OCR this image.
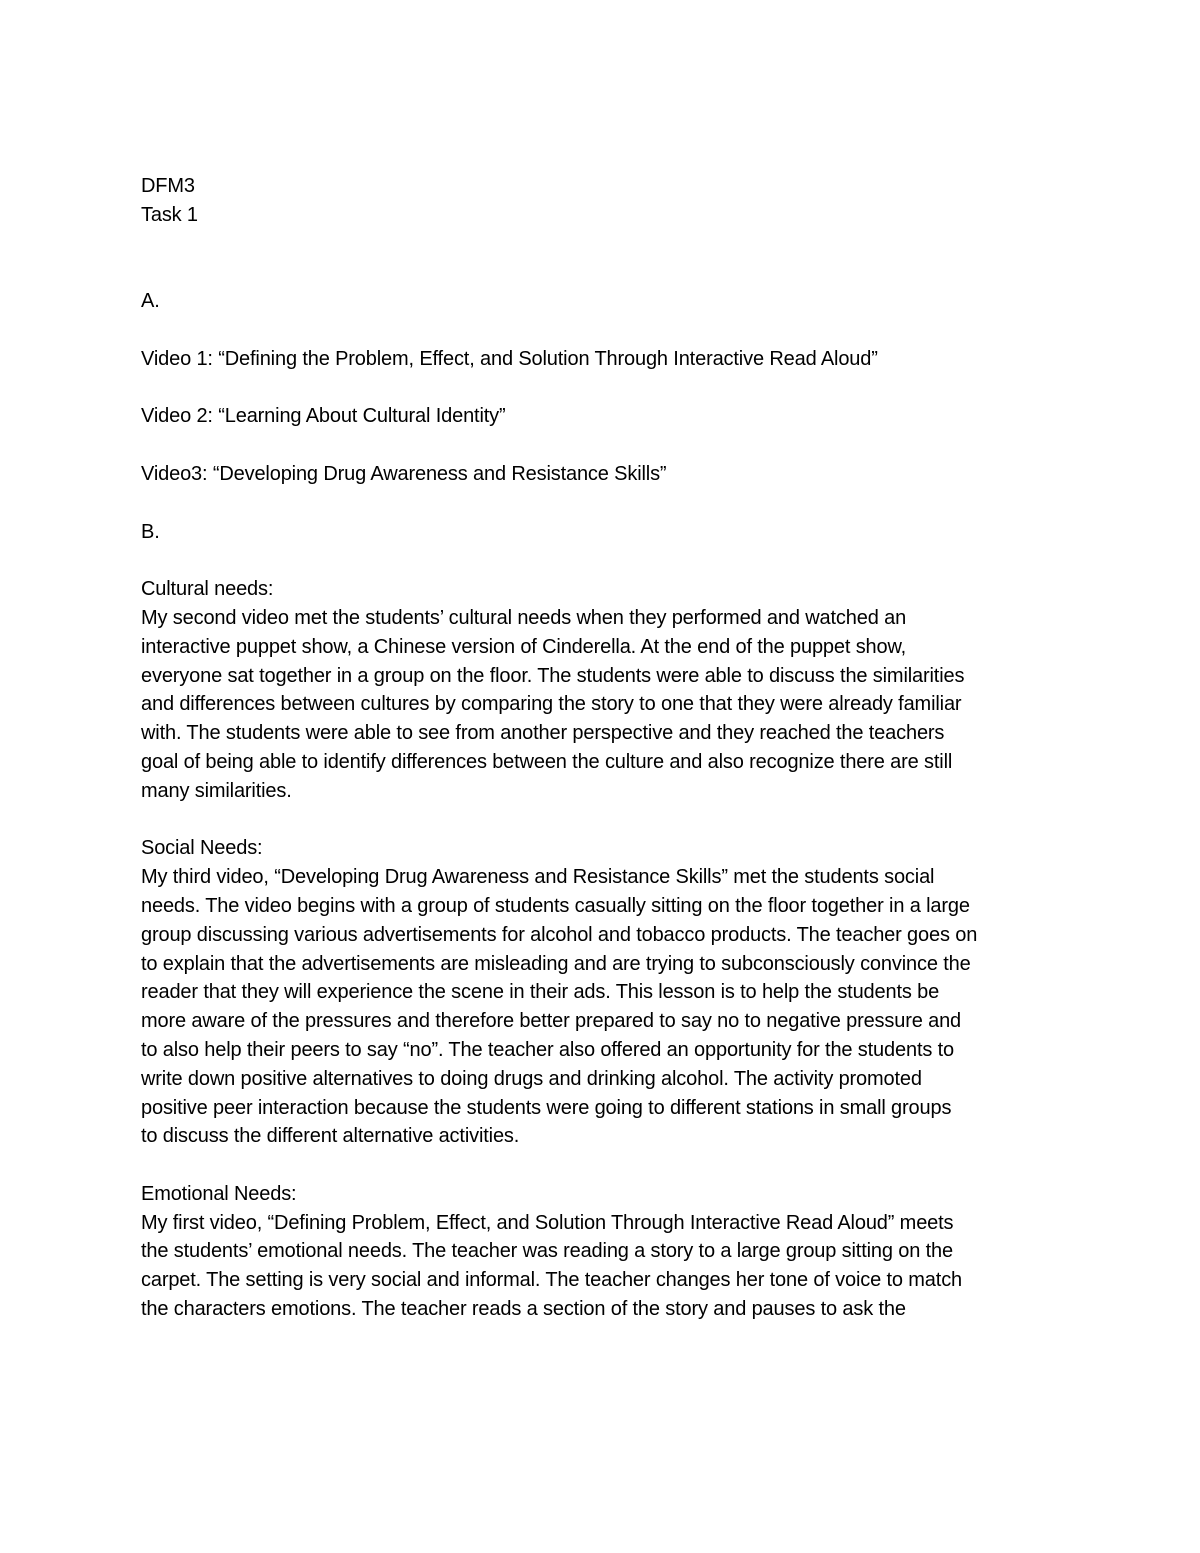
DFM3
Task 1
A.
Video 1: “Defining the Problem, Effect, and Solution Through Interactive Read Aloud”
Video 2: “Learning About Cultural Identity”
Video3: “Developing Drug Awareness and Resistance Skills”
B.
Cultural needs:

My second video met the students’ cultural needs when they performed and watched an
interactive puppet show, a Chinese version of Cinderella. At the end of the puppet show,
everyone sat together in a group on the floor. The students were able to discuss the similarities
and differences between cultures by comparing the story to one that they were already familiar
with. The students were able to see from another perspective and they reached the teachers
goal of being able to identify differences between the culture and also recognize there are still
many similarities.

Social Needs:

My third video, “Developing Drug Awareness and Resistance Skills” met the students social
needs. The video begins with a group of students casually sitting on the floor together in a large
group discussing various advertisements for alcohol and tobacco products. The teacher goes on
to explain that the advertisements are misleading and are trying to subconsciously convince the
reader that they will experience the scene in their ads. This lesson is to help the students be
more aware of the pressures and therefore better prepared to say no to negative pressure and
to also help their peers to say “no”. The teacher also offered an opportunity for the students to
write down positive alternatives to doing drugs and drinking alcohol. The activity promoted
positive peer interaction because the students were going to different stations in small groups
to discuss the different alternative activities.

Emotional Needs:

My first video, “Defining Problem, Effect, and Solution Through Interactive Read Aloud” meets
the students’ emotional needs. The teacher was reading a story to a large group sitting on the
carpet. The setting is very social and informal. The teacher changes her tone of voice to match
the characters emotions. The teacher reads a section of the story and pauses to ask the
